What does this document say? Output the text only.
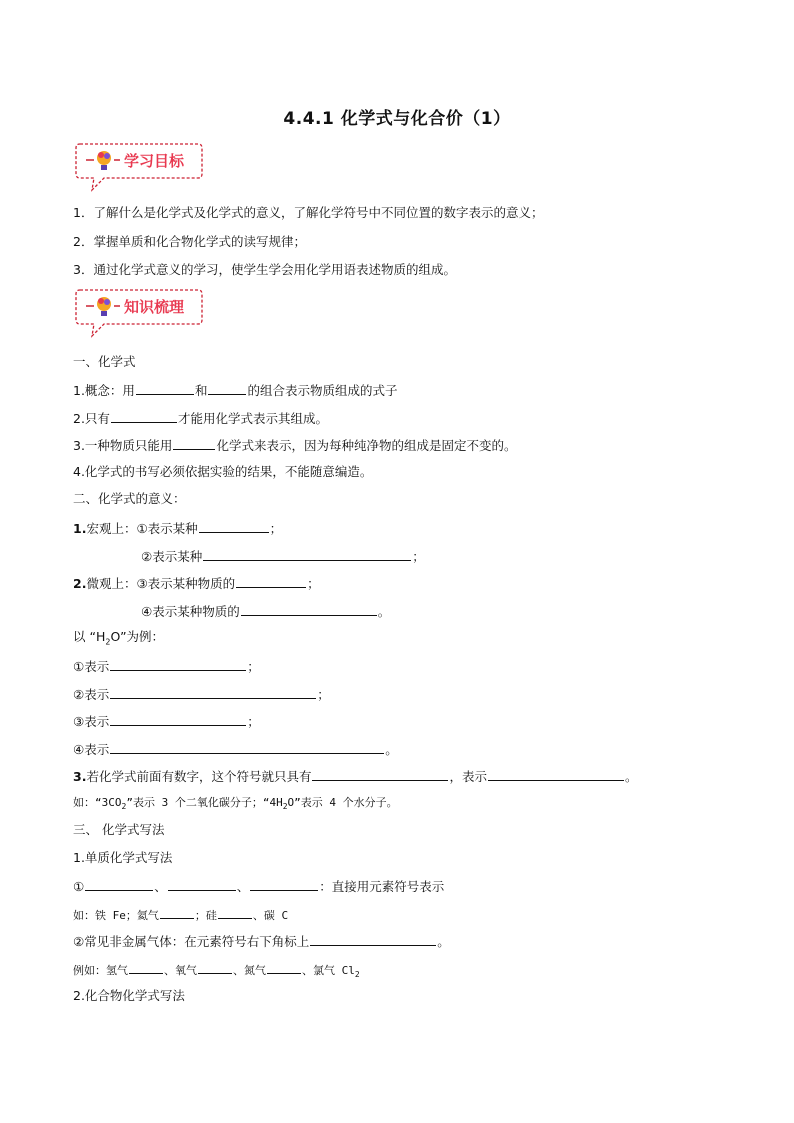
4.4.1 化学式与化合价（1）
学习目标
1．了解什么是化学式及化学式的意义，了解化学符号中不同位置的数字表示的意义；
2．掌握单质和化合物化学式的读写规律；
3．通过化学式意义的学习，使学生学会用化学用语表述物质的组成。
知识梳理
一、化学式
1.概念：用	和	的组合表示物质组成的式子
2.只有	才能用化学式表示其组成。
3.一种物质只能用	化学式来表示，因为每种纯净物的组成是固定不变的。
4.化学式的书写必须依据实验的结果，不能随意编造。
二、化学式的意义：
1.宏观上：①表示某种	；
②表示某种	；
2.微观上：③表示某种物质的	；
④表示某种物质的	。
以 “$H_2O$”为例：
①表示	；
②表示	；
③表示	；
④表示	。
3.若化学式前面有数字，这个符号就只具有	，表示	。
如：“$3CO_2$”表示 3 个二氧化碳分子；“$4H_2O$”表示 4 个水分子。
三、 化学式写法
1.单质化学式写法
①	、	、	：直接用元素符号表示
如：铁 Fe；氦气	；硅	、碳 C
②常见非金属气体：在元素符号右下角标上	。
例如：氢气	、氧气	、氮气	、氯气 $Cl_2$
2.化合物化学式写法
